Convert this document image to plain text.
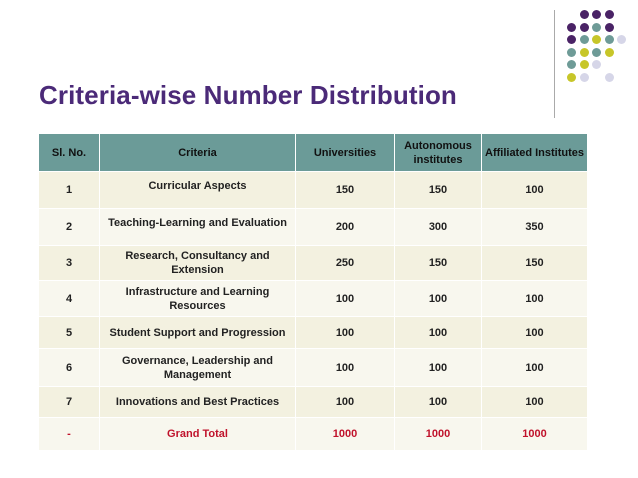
Criteria-wise Number Distribution
Sl. No.	Criteria	Universities	Autonomous institutes	Affiliated Institutes
1	Curricular Aspects	150	150	100
2	Teaching-Learning and Evaluation	200	300	350
3	Research, Consultancy and Extension	250	150	150
4	Infrastructure and Learning Resources	100	100	100
5	Student Support and Progression	100	100	100
6	Governance, Leadership and Management	100	100	100
7	Innovations and Best Practices	100	100	100
-	Grand Total	1000	1000	1000
